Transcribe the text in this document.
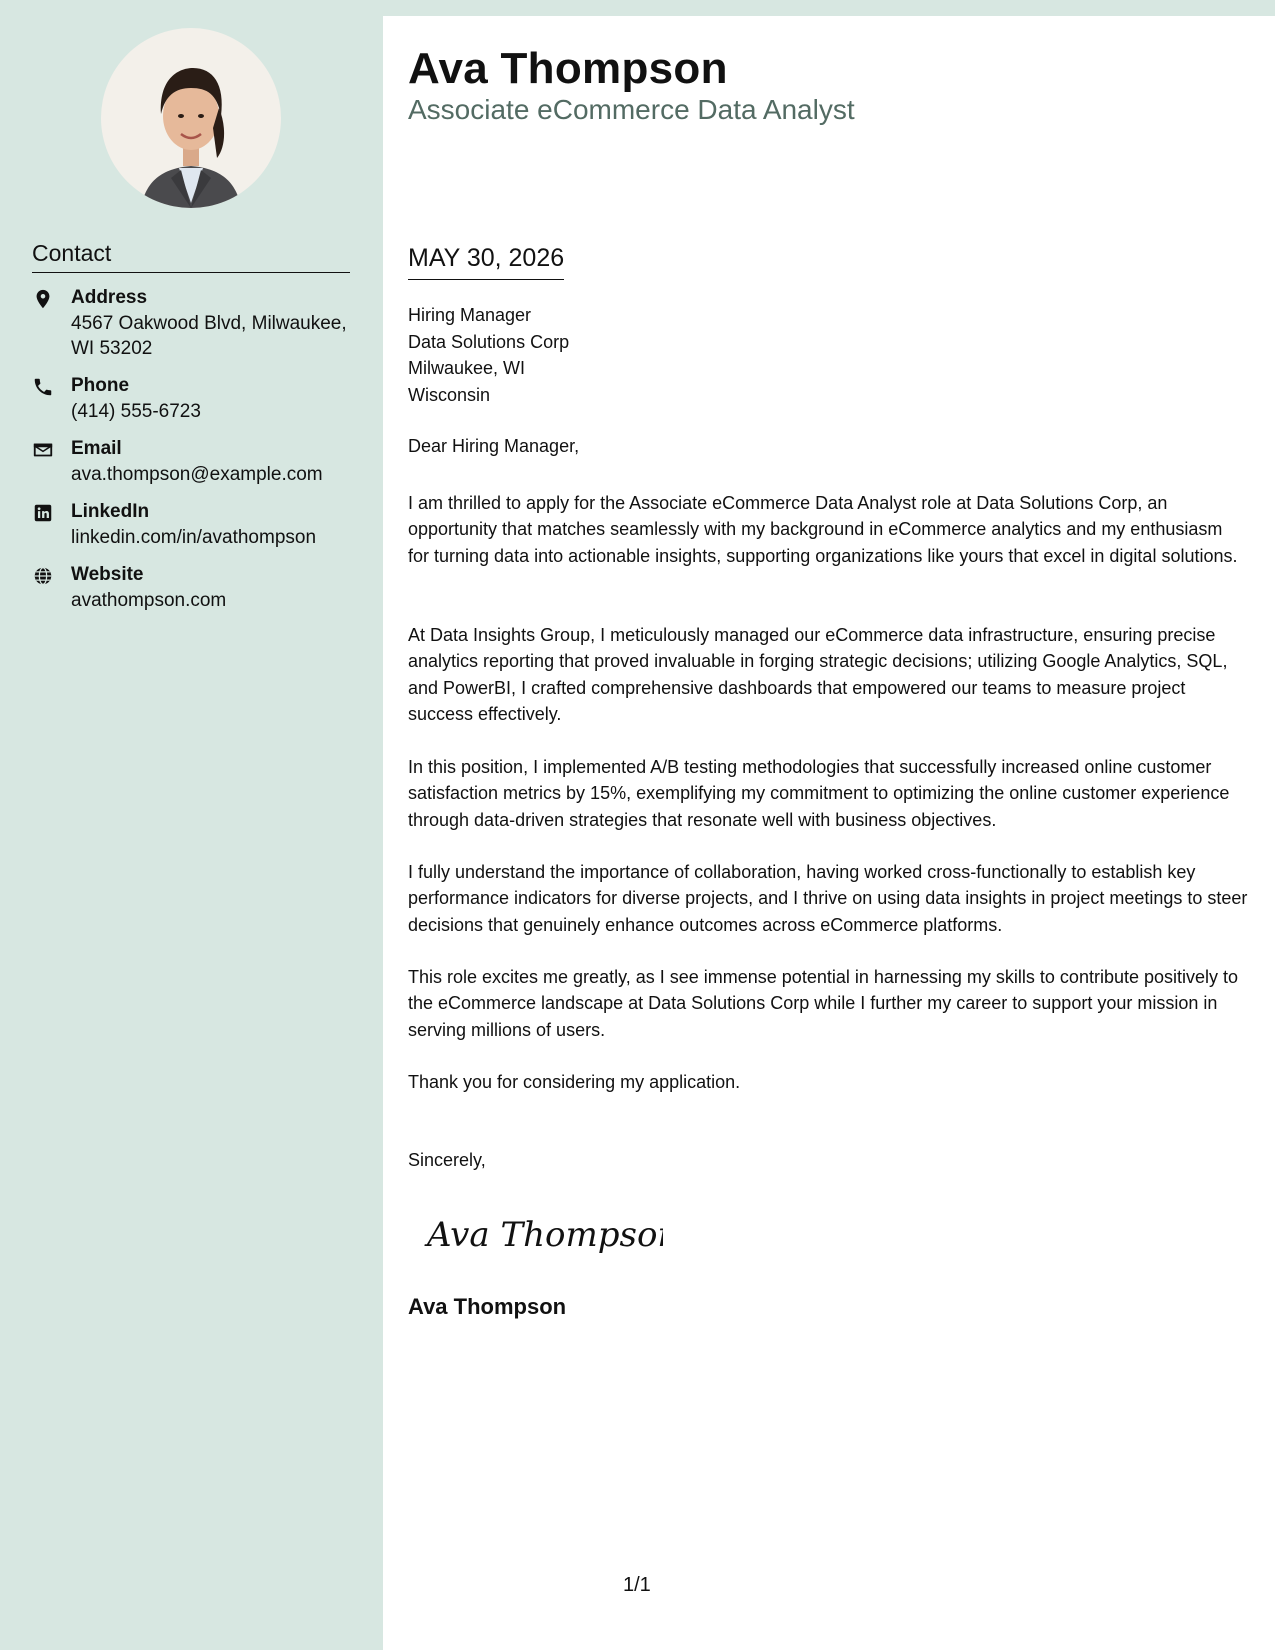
Contact
Address
4567 Oakwood Blvd, Milwaukee, WI 53202
Phone
(414) 555-6723
Email
ava.thompson@example.com
LinkedIn
linkedin.com/in/avathompson
Website
avathompson.com
Ava Thompson
Associate eCommerce Data Analyst
MAY 30, 2026
Hiring Manager
Data Solutions Corp
Milwaukee, WI
Wisconsin
Dear Hiring Manager,
I am thrilled to apply for the Associate eCommerce Data Analyst role at Data Solutions Corp, an opportunity that matches seamlessly with my background in eCommerce analytics and my enthusiasm for turning data into actionable insights, supporting organizations like yours that excel in digital solutions.
At Data Insights Group, I meticulously managed our eCommerce data infrastructure, ensuring precise analytics reporting that proved invaluable in forging strategic decisions; utilizing Google Analytics, SQL, and PowerBI, I crafted comprehensive dashboards that empowered our teams to measure project success effectively.
In this position, I implemented A/B testing methodologies that successfully increased online customer satisfaction metrics by 15%, exemplifying my commitment to optimizing the online customer experience through data-driven strategies that resonate well with business objectives.
I fully understand the importance of collaboration, having worked cross-functionally to establish key performance indicators for diverse projects, and I thrive on using data insights in project meetings to steer decisions that genuinely enhance outcomes across eCommerce platforms.
This role excites me greatly, as I see immense potential in harnessing my skills to contribute positively to the eCommerce landscape at Data Solutions Corp while I further my career to support your mission in serving millions of users.
Thank you for considering my application.
Sincerely,
Ava Thompson
Ava Thompson
1/1
